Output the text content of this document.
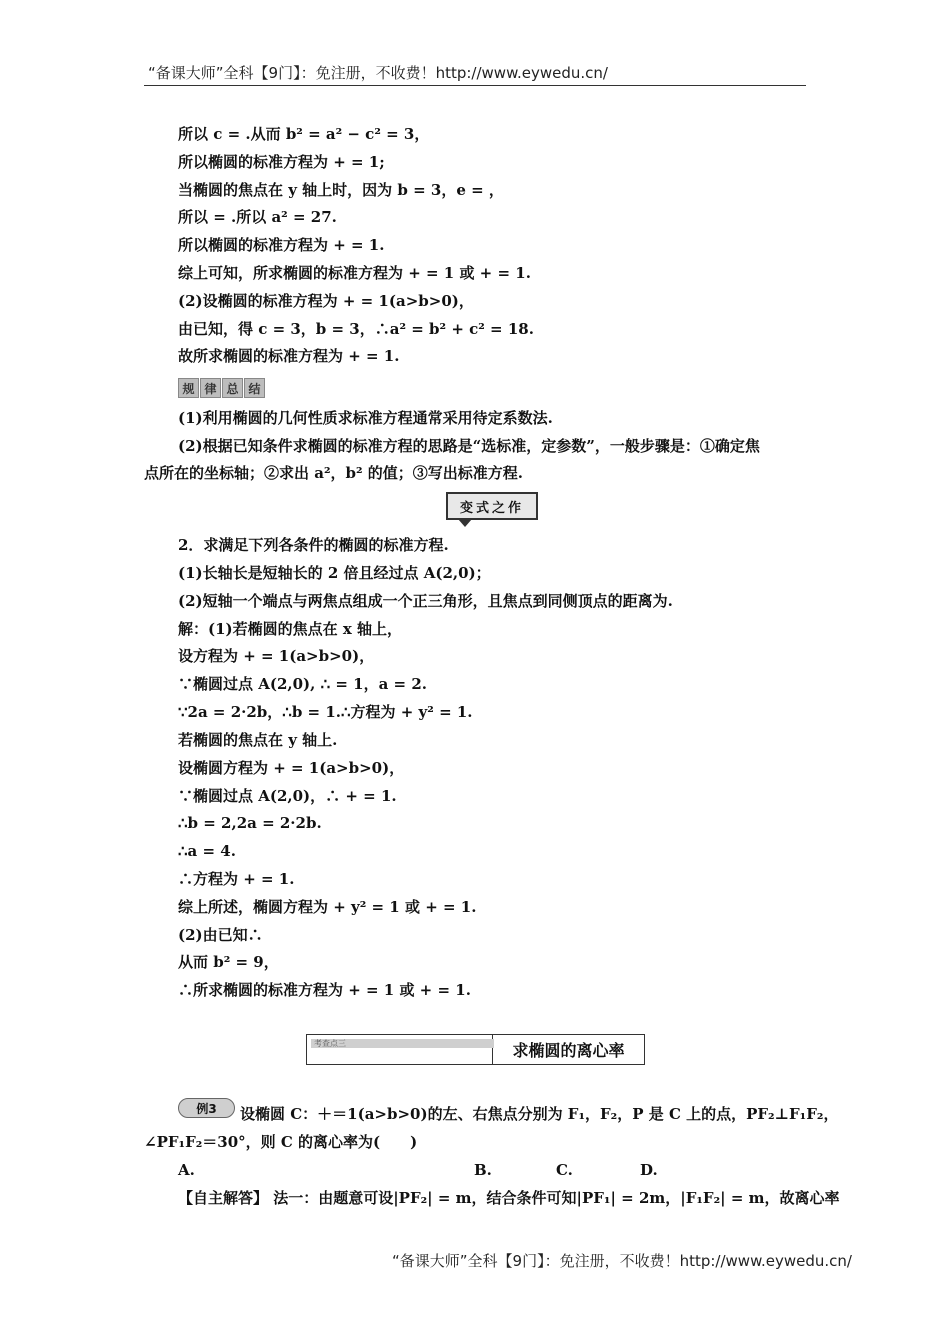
“备课大师”全科【9门】：免注册，不收费！http://www.eywedu.cn/
所以 c = .从而 b² = a² − c² = 3，
所以椭圆的标准方程为 + = 1;
当椭圆的焦点在 y 轴上时，因为 b = 3，e = ，
所以 = .所以 a² = 27.
所以椭圆的标准方程为 + = 1.
综上可知，所求椭圆的标准方程为 + = 1 或 + = 1.
(2)设椭圆的标准方程为 + = 1(a>b>0)，
由已知，得 c = 3，b = 3，∴a² = b² + c² = 18.
故所求椭圆的标准方程为 + = 1.
规 律 总 结
(1)利用椭圆的几何性质求标准方程通常采用待定系数法.
(2)根据已知条件求椭圆的标准方程的思路是“选标准，定参数”，一般步骤是：①确定焦
点所在的坐标轴；②求出 a²，b² 的值；③写出标准方程.
变式之作
2．求满足下列各条件的椭圆的标准方程.
(1)长轴长是短轴长的 2 倍且经过点 A(2,0)；
(2)短轴一个端点与两焦点组成一个正三角形，且焦点到同侧顶点的距离为.
解：(1)若椭圆的焦点在 x 轴上，
设方程为 + = 1(a>b>0)，
∵椭圆过点 A(2,0), ∴ = 1，a = 2.
∵2a = 2·2b，∴b = 1.∴方程为 + y² = 1.
若椭圆的焦点在 y 轴上.
设椭圆方程为 + = 1(a>b>0)，
∵椭圆过点 A(2,0)，∴ + = 1.
∴b = 2,2a = 2·2b.
∴a = 4.
∴方程为 + = 1.
综上所述，椭圆方程为 + y² = 1 或 + = 1.
(2)由已知∴
从而 b² = 9，
∴所求椭圆的标准方程为 + = 1 或 + = 1.
考查点三	求椭圆的离心率
例3	设椭圆 C：＋＝1(a>b>0)的左、右焦点分别为 F₁，F₂，P 是 C 上的点，PF₂⊥F₁F₂，
∠PF₁F₂＝30°，则 C 的离心率为(　　)
A.	B.	C.	D.
【自主解答】 法一：由题意可设|PF₂| = m，结合条件可知|PF₁| = 2m，|F₁F₂| = m，故离心率
“备课大师”全科【9门】：免注册，不收费！http://www.eywedu.cn/
